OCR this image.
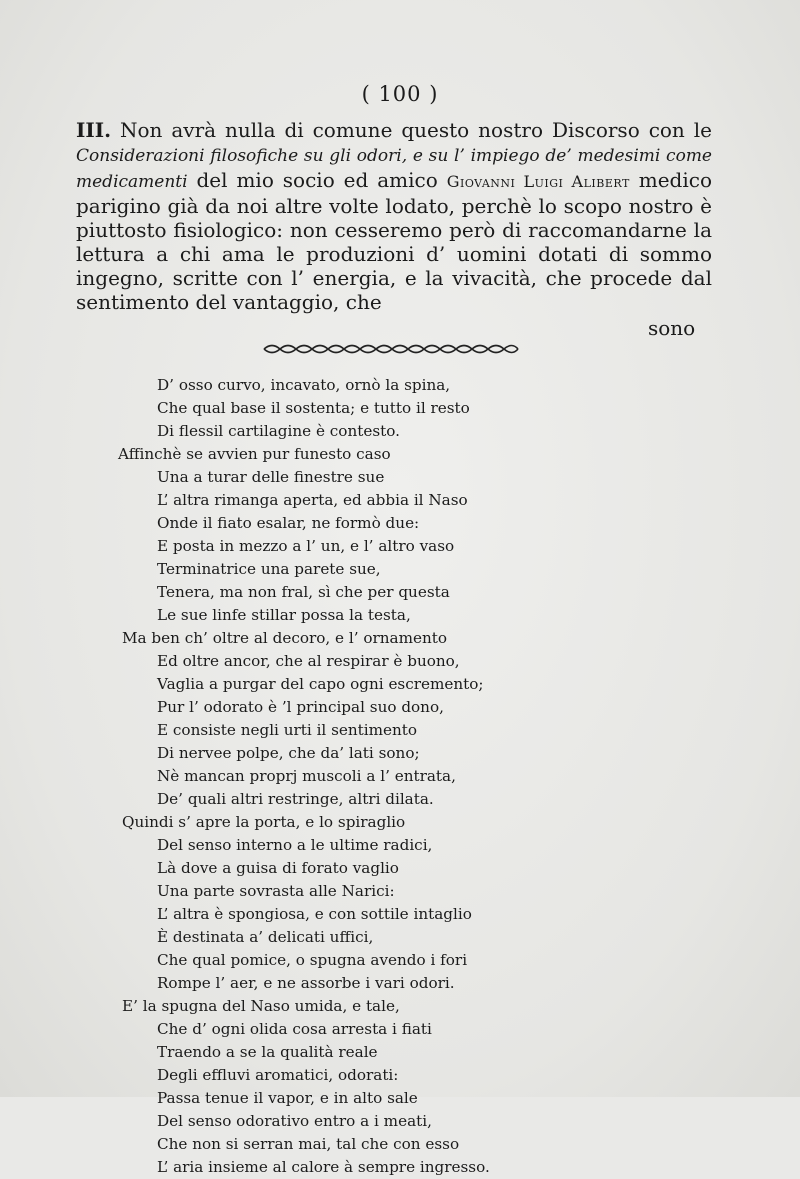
( 100 )

III. Non avrà nulla di comune questo nostro Discorso con le Considerazioni filosofiche su gli odori, e su l’ impiego de’ medesimi come medicamenti del mio socio ed amico Giovanni Luigi Alibert medico parigino già da noi altre volte lodato, perchè lo scopo nostro è piuttosto fisiologico: non cesseremo però di raccomandarne la lettura a chi ama le produzioni d’ uomini dotati di sommo ingegno, scritte con l’ energia, e la vivacità, che procede dal sentimento del vantaggio, che

sono
D’ osso curvo, incavato, ornò la spina,
Che qual base il sostenta; e tutto il resto
Di flessil cartilagine è contesto.
Affinchè se avvien pur funesto caso
Una a turar delle finestre sue
L’ altra rimanga aperta, ed abbia il Naso
Onde il fiato esalar, ne formò due:
E posta in mezzo a l’ un, e l’ altro vaso
Terminatrice una parete sue,
Tenera, ma non fral, sì che per questa
Le sue linfe stillar possa la testa,
Ma ben ch’ oltre al decoro, e l’ ornamento
Ed oltre ancor, che al respirar è buono,
Vaglia a purgar del capo ogni escremento;
Pur l’ odorato è ’l principal suo dono,
E consiste negli urti il sentimento
Di nervee polpe, che da’ lati sono;
Nè mancan proprj muscoli a l’ entrata,
De’ quali altri restringe, altri dilata.
Quindi s’ apre la porta, e lo spiraglio
Del senso interno a le ultime radici,
Là dove a guisa di forato vaglio
Una parte sovrasta alle Narici:
L’ altra è spongiosa, e con sottile intaglio
È destinata a’ delicati uffici,
Che qual pomice, o spugna avendo i fori
Rompe l’ aer, e ne assorbe i vari odori.
E’ la spugna del Naso umida, e tale,
Che d’ ogni olida cosa arresta i fiati
Traendo a se la qualità reale
Degli effluvi aromatici, odorati:
Passa tenue il vapor, e in alto sale
Del senso odorativo entro a i meati,
Che non si serran mai, tal che con esso
L’ aria insieme al calore à sempre ingresso.
